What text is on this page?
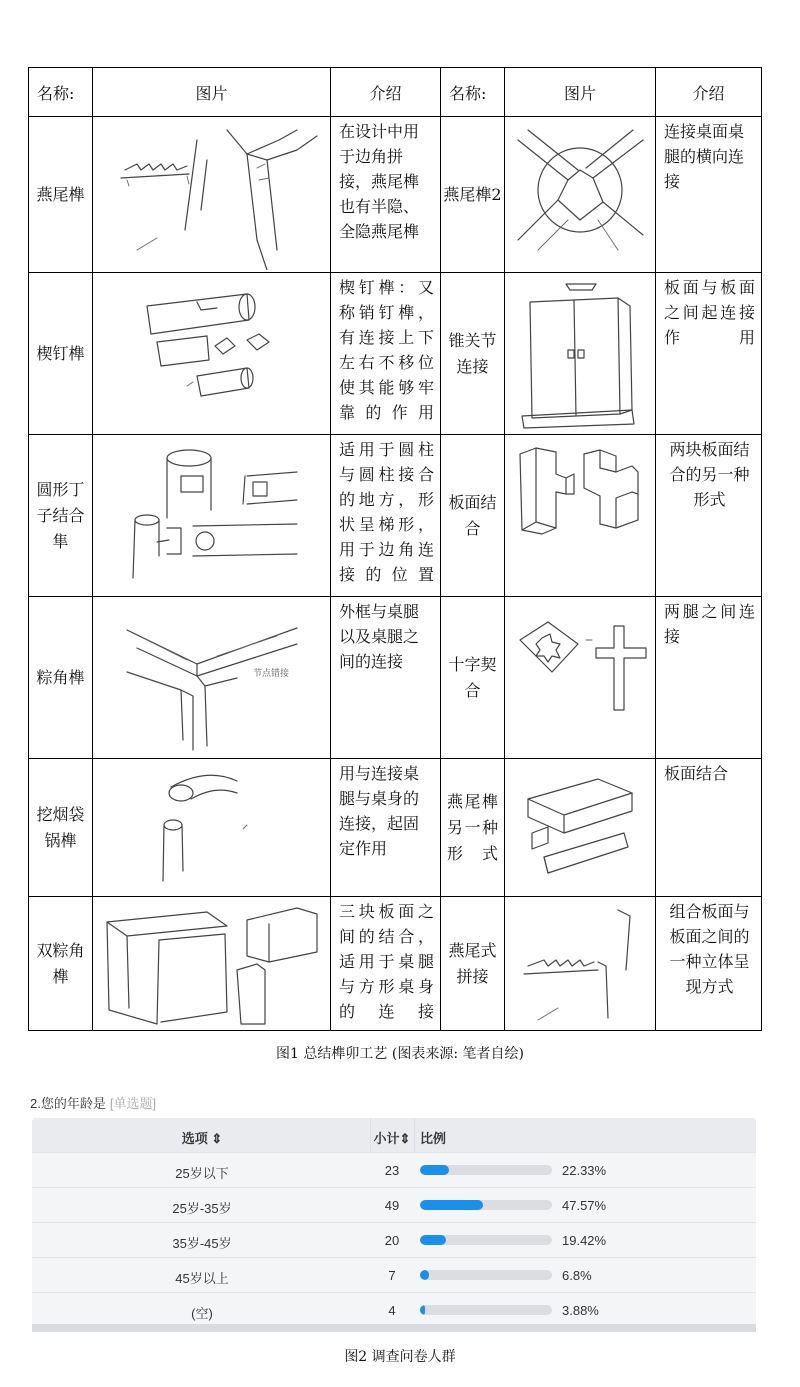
名称:	图片	介绍	名称:	图片	介绍
燕尾榫		在设计中用于边角拼接，燕尾榫也有半隐、全隐燕尾榫	燕尾榫2		连接桌面桌腿的横向连接
楔钉榫		楔钉榫：又称销钉榫，有连接上下左右不移位使其能够牢靠的作用	锥关节连接		板面与板面之间起连接作用
圆形丁子结合隼		适用于圆柱与圆柱接合的地方，形状呈梯形，用于边角连接的位置	板面结合		两块板面结合的另一种形式
粽角榫	节点错接	外框与桌腿以及桌腿之间的连接	十字契合		两腿之间连接
挖烟袋锅榫		用与连接桌腿与桌身的连接，起固定作用	燕尾榫另一种形式		板面结合
双粽角榫		三块板面之间的结合，适用于桌腿与方形桌身的连接	燕尾式拼接		组合板面与板面之间的一种立体呈现方式
图1 总结榫卯工艺 (图表来源: 笔者自绘)
2.您的年龄是 [单选题]
选项 ⇕	小计⇕ 比例
25岁以下	23	22.33%
25岁-35岁	49	47.57%
35岁-45岁	20	19.42%
45岁以上	7	6.8%
(空)	4	3.88%
图2 调查问卷人群
